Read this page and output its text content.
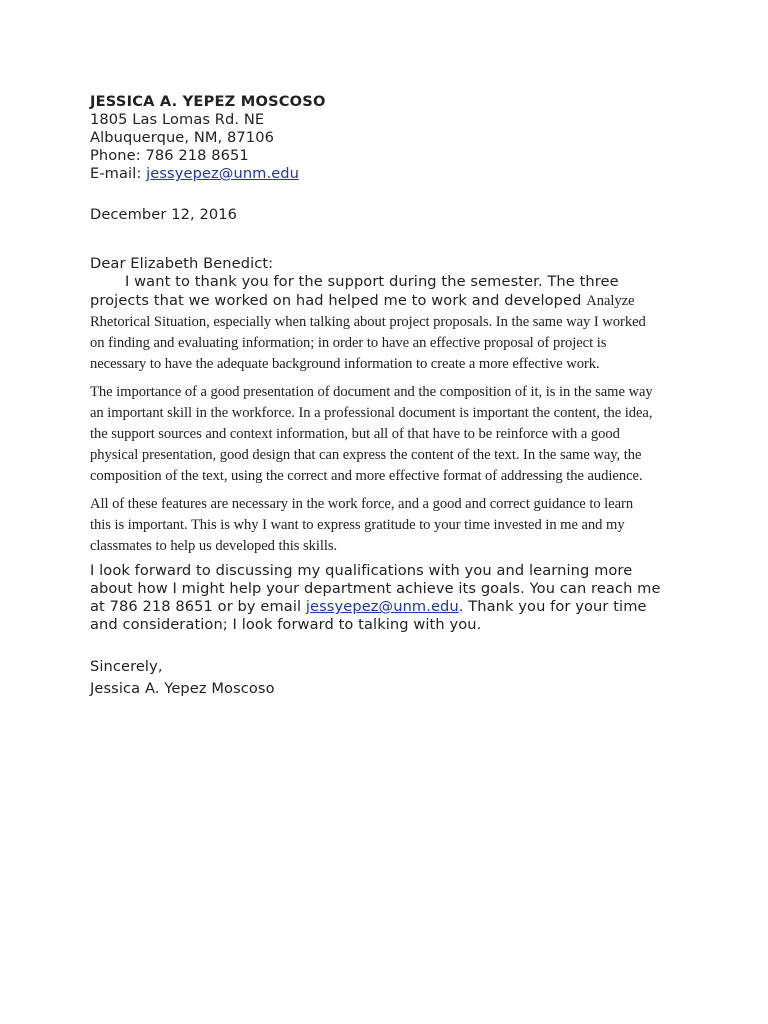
JESSICA A. YEPEZ MOSCOSO
1805 Las Lomas Rd. NE
Albuquerque, NM, 87106
Phone: 786 218 8651
E-mail: jessyepez@unm.edu
December 12, 2016
Dear Elizabeth Benedict:
I want to thank you for the support during the semester. The three
projects that we worked on had helped me to work and developed Analyze
Rhetorical Situation, especially when talking about project proposals. In the same way I worked
on finding and evaluating information; in order to have an effective proposal of project is
necessary to have the adequate background information to create a more effective work.
The importance of a good presentation of document and the composition of it, is in the same way
an important skill in the workforce. In a professional document is important the content, the idea,
the support sources and context information, but all of that have to be reinforce with a good
physical presentation, good design that can express the content of the text. In the same way, the
composition of the text, using the correct and more effective format of addressing the audience.
All of these features are necessary in the work force, and a good and correct guidance to learn
this is important. This is why I want to express gratitude to your time invested in me and my
classmates to help us developed this skills.
I look forward to discussing my qualifications with you and learning more
about how I might help your department achieve its goals. You can reach me
at 786 218 8651 or by email jessyepez@unm.edu. Thank you for your time
and consideration; I look forward to talking with you.
Sincerely,
Jessica A. Yepez Moscoso
